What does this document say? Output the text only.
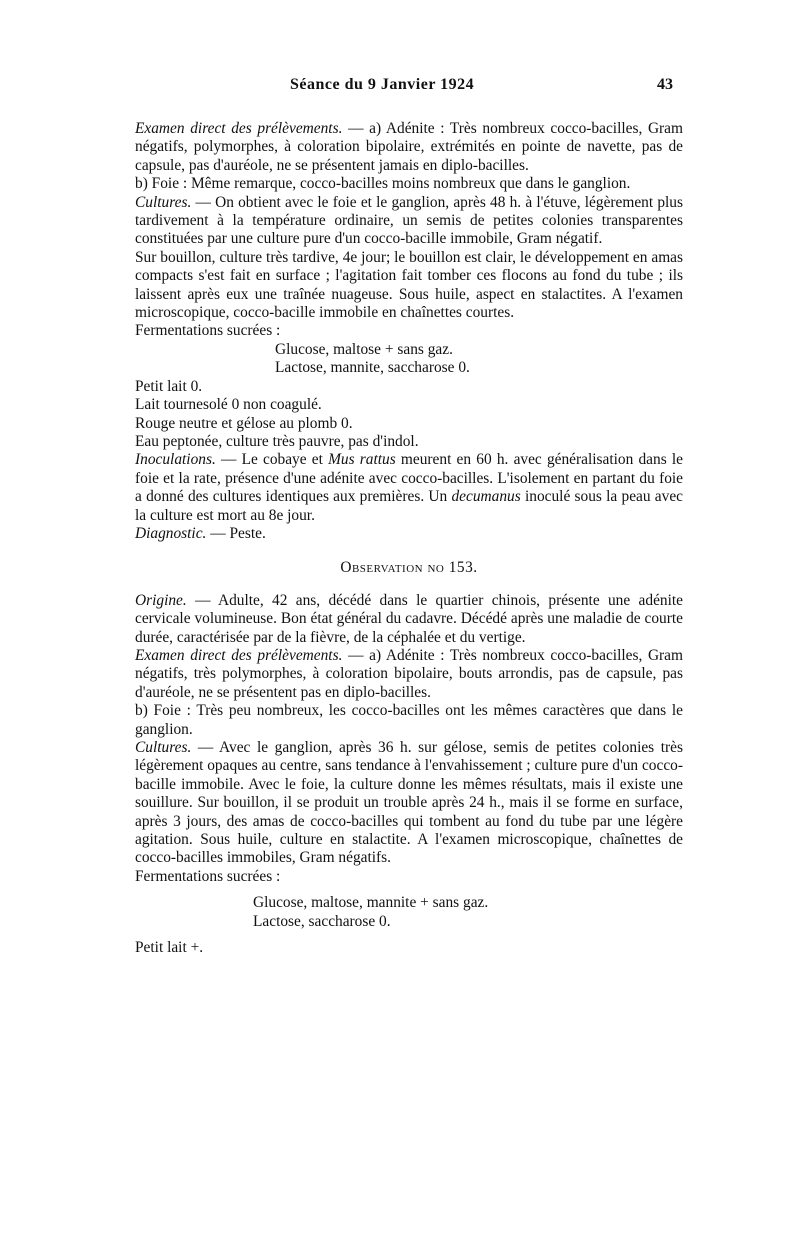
Séance du 9 Janvier 1924	43

Examen direct des prélèvements. — a) Adénite : Très nombreux cocco-bacilles, Gram négatifs, polymorphes, à coloration bipolaire, extrémités en pointe de navette, pas de capsule, pas d'auréole, ne se présentent jamais en diplo-bacilles.

b) Foie : Même remarque, cocco-bacilles moins nombreux que dans le ganglion.

Cultures. — On obtient avec le foie et le ganglion, après 48 h. à l'étuve, légèrement plus tardivement à la température ordinaire, un semis de petites colonies transparentes constituées par une culture pure d'un cocco-bacille immobile, Gram négatif.

Sur bouillon, culture très tardive, 4e jour; le bouillon est clair, le développement en amas compacts s'est fait en surface ; l'agitation fait tomber ces flocons au fond du tube ; ils laissent après eux une traînée nuageuse. Sous huile, aspect en stalactites. A l'examen microscopique, cocco-bacille immobile en chaînettes courtes.

Fermentations sucrées :

Glucose, maltose + sans gaz.

Lactose, mannite, saccharose 0.

Petit lait 0.

Lait tournesolé 0 non coagulé.

Rouge neutre et gélose au plomb 0.

Eau peptonée, culture très pauvre, pas d'indol.

Inoculations. — Le cobaye et Mus rattus meurent en 60 h. avec généralisation dans le foie et la rate, présence d'une adénite avec cocco-bacilles. L'isolement en partant du foie a donné des cultures identiques aux premières. Un decumanus inoculé sous la peau avec la culture est mort au 8e jour.

Diagnostic. — Peste.

Observation no 153.

Origine. — Adulte, 42 ans, décédé dans le quartier chinois, présente une adénite cervicale volumineuse. Bon état général du cadavre. Décédé après une maladie de courte durée, caractérisée par de la fièvre, de la céphalée et du vertige.

Examen direct des prélèvements. — a) Adénite : Très nombreux cocco-bacilles, Gram négatifs, très polymorphes, à coloration bipolaire, bouts arrondis, pas de capsule, pas d'auréole, ne se présentent pas en diplo-bacilles.

b) Foie : Très peu nombreux, les cocco-bacilles ont les mêmes caractères que dans le ganglion.

Cultures. — Avec le ganglion, après 36 h. sur gélose, semis de petites colonies très légèrement opaques au centre, sans tendance à l'envahissement ; culture pure d'un cocco-bacille immobile. Avec le foie, la culture donne les mêmes résultats, mais il existe une souillure. Sur bouillon, il se produit un trouble après 24 h., mais il se forme en surface, après 3 jours, des amas de cocco-bacilles qui tombent au fond du tube par une légère agitation. Sous huile, culture en stalactite. A l'examen microscopique, chaînettes de cocco-bacilles immobiles, Gram négatifs.

Fermentations sucrées :

Glucose, maltose, mannite + sans gaz.

Lactose, saccharose 0.

Petit lait +.
